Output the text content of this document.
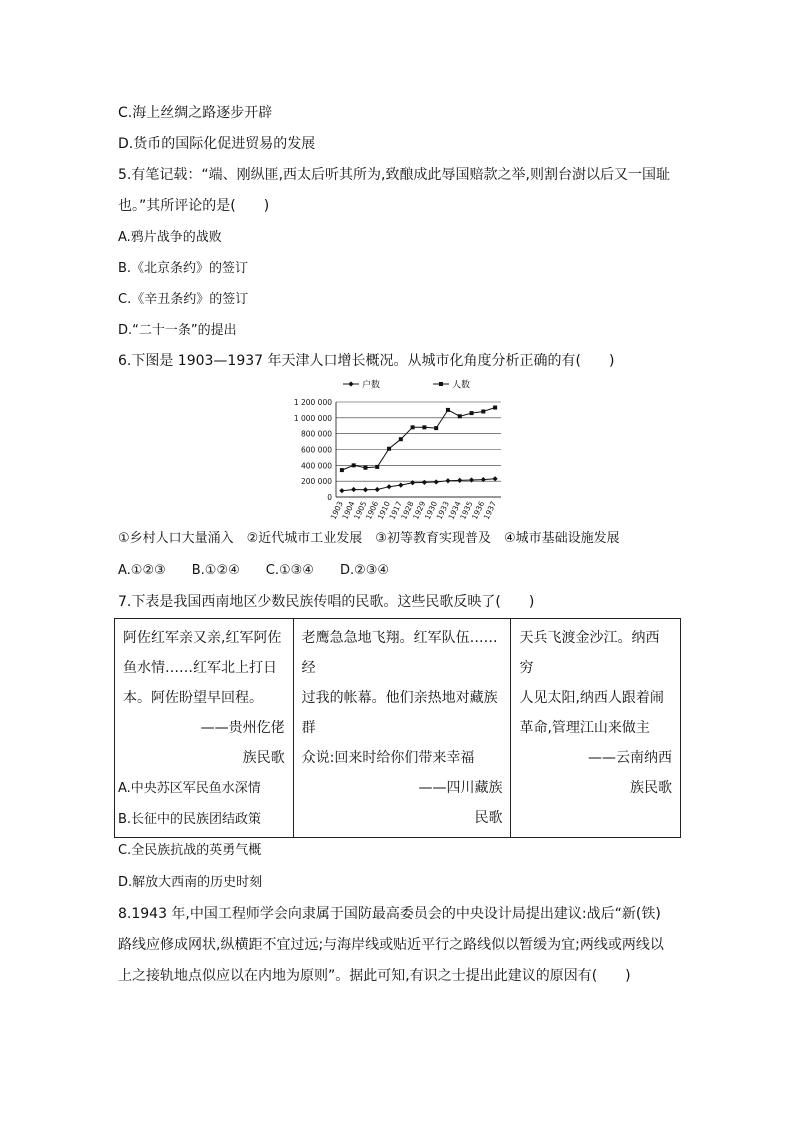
C.海上丝绸之路逐步开辟
D.货币的国际化促进贸易的发展
5.有笔记载：“端、刚纵匪,西太后听其所为,致酿成此辱国赔款之举,则割台澍以后又一国耻
也。”其所评论的是(　　)
A.鸦片战争的战败
B.《北京条约》的签订
C.《辛丑条约》的签订
D.“二十一条”的提出
6.下图是 1903—1937 年天津人口增长概况。从城市化角度分析正确的有(　　)
0
200 000
400 000
600 000
800 000
1 000 000
1 200 000
1903
1904
1905
1906
1910
1917
1928
1929
1930
1933
1934
1935
1936
1937
户数	人数
①乡村人口大量涌入　②近代城市工业发展　③初等教育实现普及　④城市基础设施发展
A.①②③　　B.①②④　　C.①③④　　D.②③④
7.下表是我国西南地区少数民族传唱的民歌。这些民歌反映了(　　)
阿佐红军亲又亲,红军阿佐
鱼水情……红军北上打日
本。阿佐盼望早回程。
——贵州仡佬
族民歌

老鹰急急地飞翔。红军队伍……经
过我的帐幕。他们亲热地对藏族群
众说:回来时给你们带来幸福
——四川藏族
民歌

天兵飞渡金沙江。纳西穷
人见太阳,纳西人跟着闹
革命,管理江山来做主
——云南纳西
族民歌
A.中央苏区军民鱼水深情
B.长征中的民族团结政策
C.全民族抗战的英勇气概
D.解放大西南的历史时刻
8.1943 年,中国工程师学会向隶属于国防最高委员会的中央设计局提出建议:战后“新(铁)
路线应修成网状,纵横距不宜过远;与海岸线或贴近平行之路线似以暂缓为宜;两线或两线以
上之接轨地点似应以在内地为原则”。据此可知,有识之士提出此建议的原因有(　　)
